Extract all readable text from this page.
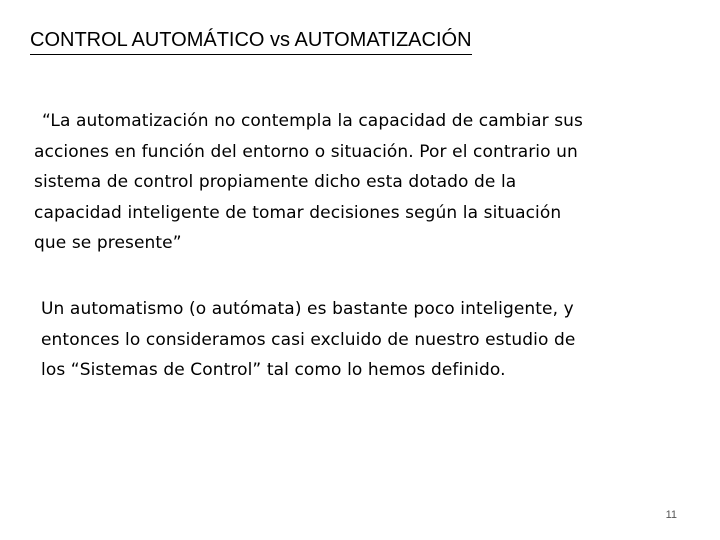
CONTROL AUTOMÁTICO vs AUTOMATIZACIÓN
“La automatización no contempla la capacidad de cambiar sus
acciones en función del entorno o situación. Por el contrario un
sistema de control propiamente dicho esta dotado de la
capacidad inteligente de tomar decisiones según la situación
que se presente”
Un automatismo (o autómata) es bastante poco inteligente, y
entonces lo consideramos casi excluido de nuestro estudio de
los “Sistemas de Control” tal como lo hemos definido.
11
